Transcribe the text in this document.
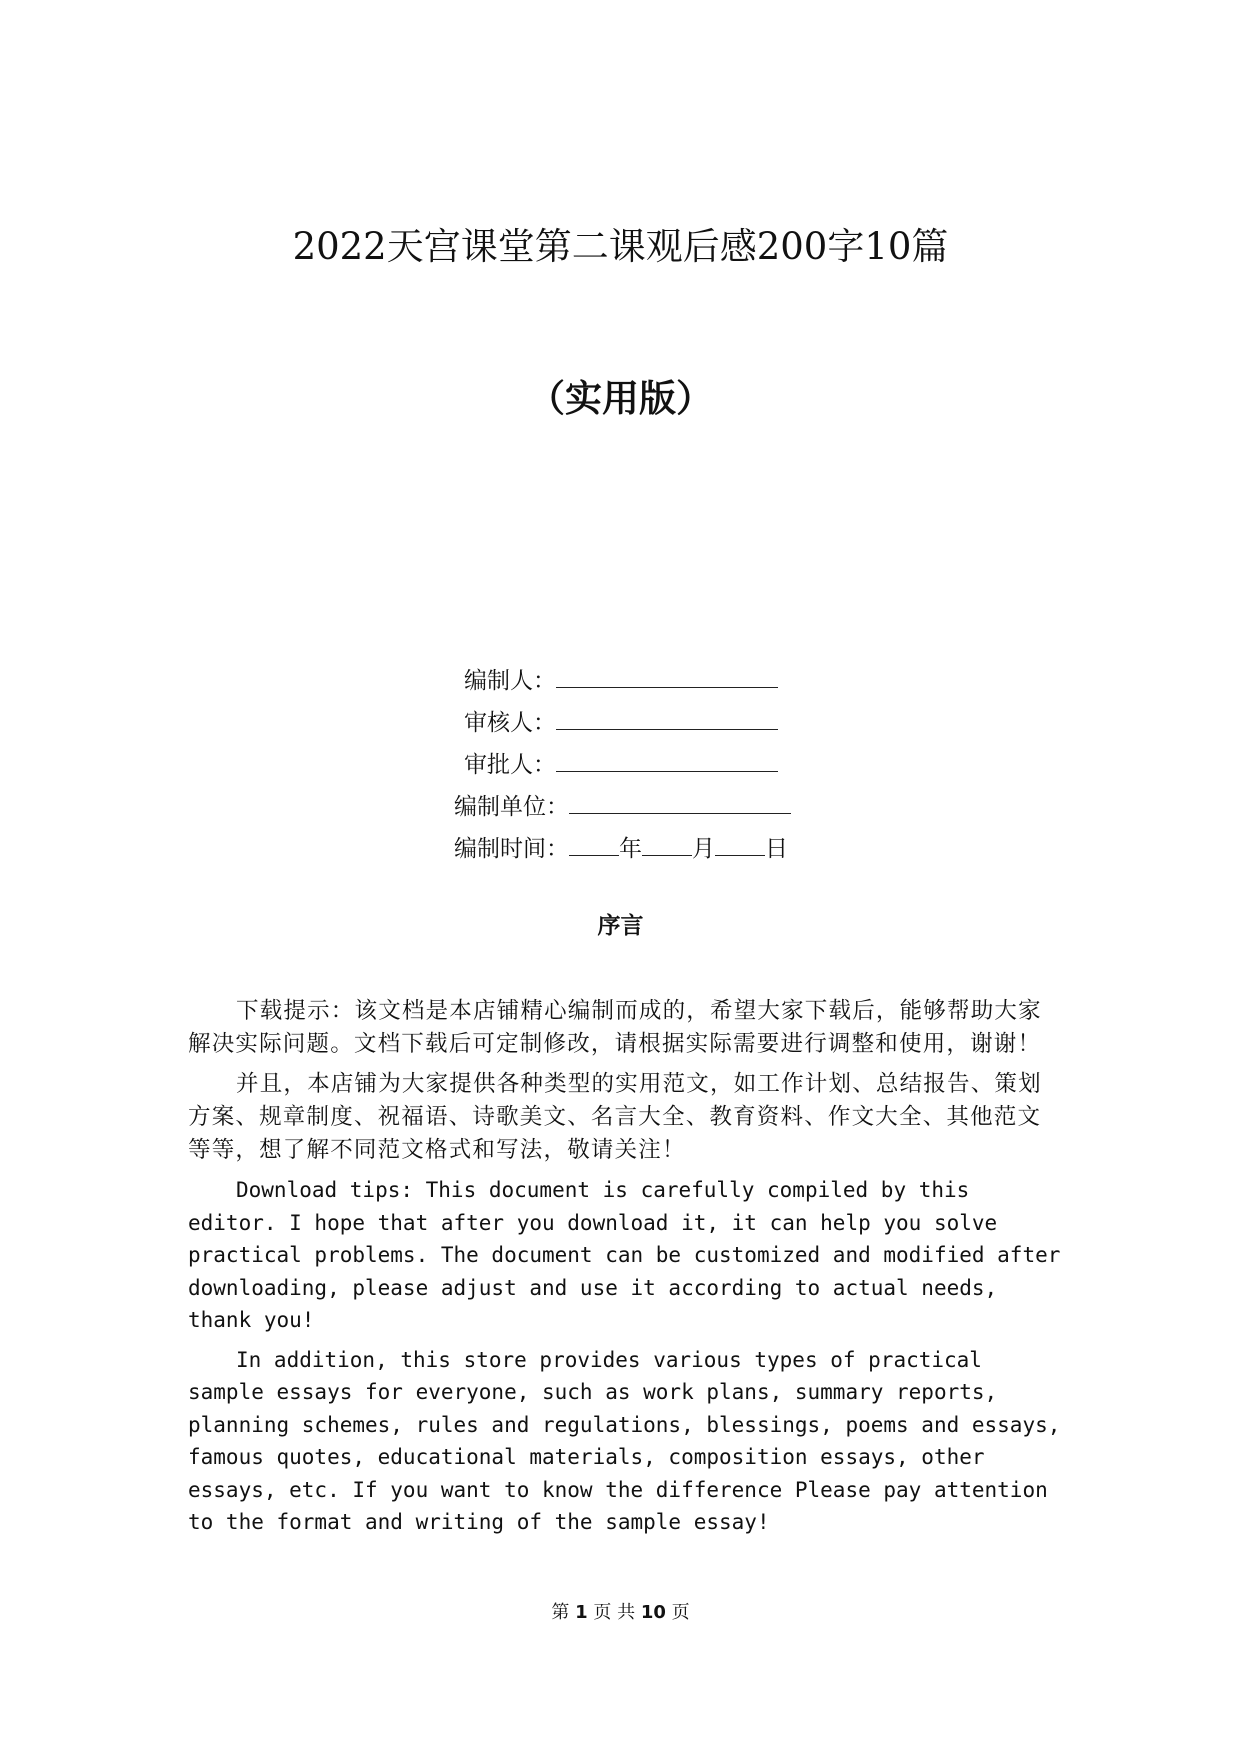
2022天宫课堂第二课观后感200字10篇
（实用版）
编制人：
审核人：
审批人：
编制单位：
编制时间： 年 月 日
序言

下载提示：该文档是本店铺精心编制而成的，希望大家下载后，能够帮助大家解决实际问题。文档下载后可定制修改，请根据实际需要进行调整和使用，谢谢！

并且，本店铺为大家提供各种类型的实用范文，如工作计划、总结报告、策划方案、规章制度、祝福语、诗歌美文、名言大全、教育资料、作文大全、其他范文等等，想了解不同范文格式和写法，敬请关注！

Download tips: This document is carefully compiled by this editor. I hope that after you download it, it can help you solve practical problems. The document can be customized and modified after downloading, please adjust and use it according to actual needs, thank you!

In addition, this store provides various types of practical sample essays for everyone, such as work plans, summary reports, planning schemes, rules and regulations, blessings, poems and essays, famous quotes, educational materials, composition essays, other essays, etc. If you want to know the difference Please pay attention to the format and writing of the sample essay!

第 1 页 共 10 页
